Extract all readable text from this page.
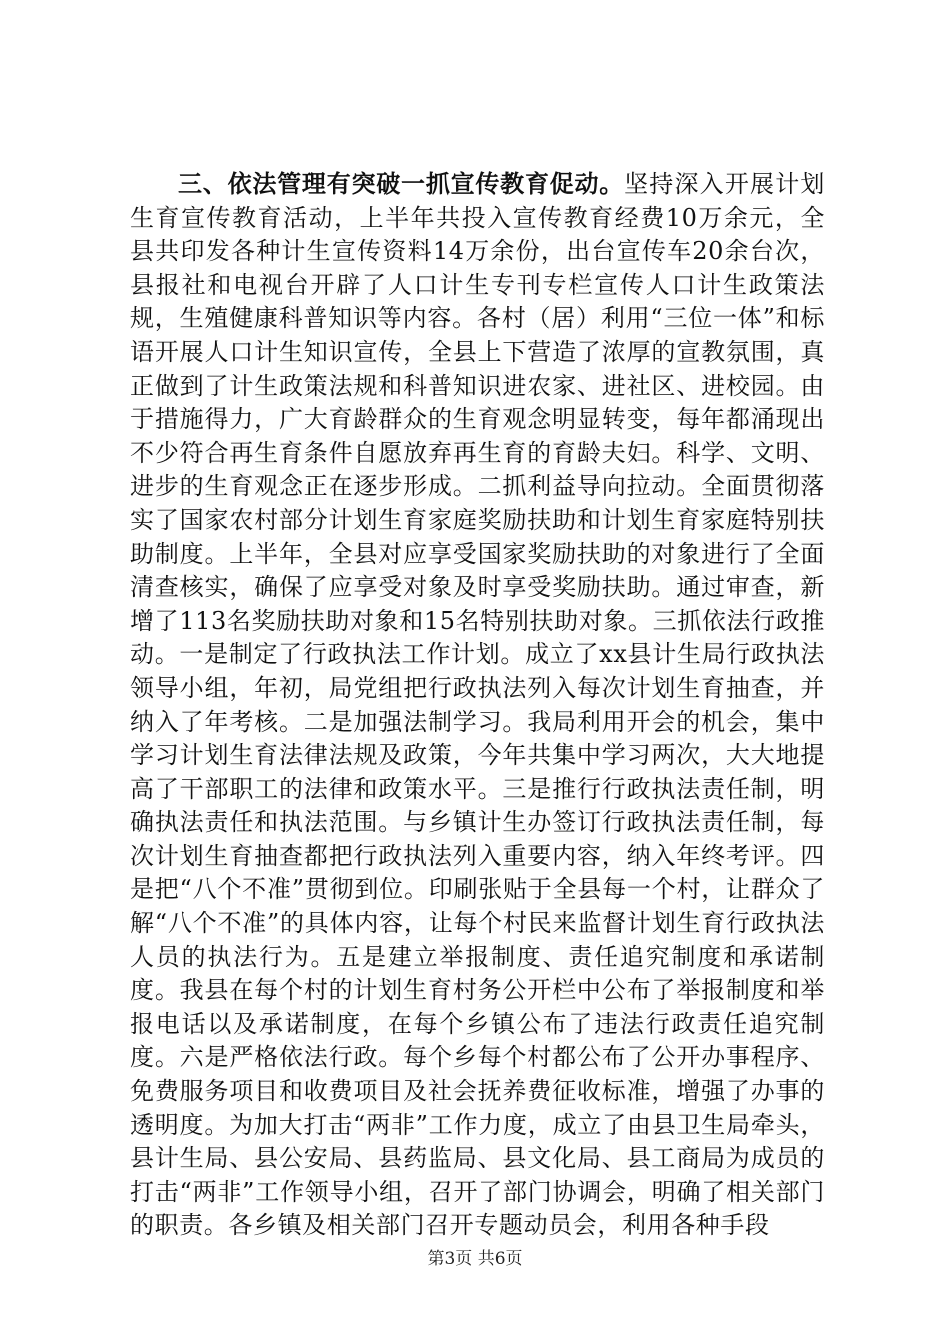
三、依法管理有突破一抓宣传教育促动。坚持深入开展计划生育宣传教育活动，上半年共投入宣传教育经费10万余元，全县共印发各种计生宣传资料14万余份，出台宣传车20余台次，县报社和电视台开辟了人口计生专刊专栏宣传人口计生政策法规，生殖健康科普知识等内容。各村（居）利用“三位一体”和标语开展人口计生知识宣传，全县上下营造了浓厚的宣教氛围，真正做到了计生政策法规和科普知识进农家、进社区、进校园。由于措施得力，广大育龄群众的生育观念明显转变，每年都涌现出不少符合再生育条件自愿放弃再生育的育龄夫妇。科学、文明、进步的生育观念正在逐步形成。二抓利益导向拉动。全面贯彻落实了国家农村部分计划生育家庭奖励扶助和计划生育家庭特别扶助制度。上半年，全县对应享受国家奖励扶助的对象进行了全面清查核实，确保了应享受对象及时享受奖励扶助。通过审查，新增了113名奖励扶助对象和15名特别扶助对象。三抓依法行政推动。一是制定了行政执法工作计划。成立了xx县计生局行政执法领导小组，年初，局党组把行政执法列入每次计划生育抽查，并纳入了年考核。二是加强法制学习。我局利用开会的机会，集中学习计划生育法律法规及政策，今年共集中学习两次，大大地提高了干部职工的法律和政策水平。三是推行行政执法责任制，明确执法责任和执法范围。与乡镇计生办签订行政执法责任制，每次计划生育抽查都把行政执法列入重要内容，纳入年终考评。四是把“八个不准”贯彻到位。印刷张贴于全县每一个村，让群众了解“八个不准”的具体内容，让每个村民来监督计划生育行政执法人员的执法行为。五是建立举报制度、责任追究制度和承诺制度。我县在每个村的计划生育村务公开栏中公布了举报制度和举报电话以及承诺制度，在每个乡镇公布了违法行政责任追究制度。六是严格依法行政。每个乡每个村都公布了公开办事程序、免费服务项目和收费项目及社会抚养费征收标准，增强了办事的透明度。为加大打击“两非”工作力度，成立了由县卫生局牵头，县计生局、县公安局、县药监局、县文化局、县工商局为成员的打击“两非”工作领导小组，召开了部门协调会，明确了相关部门的职责。各乡镇及相关部门召开专题动员会，利用各种手段

第3页 共6页
